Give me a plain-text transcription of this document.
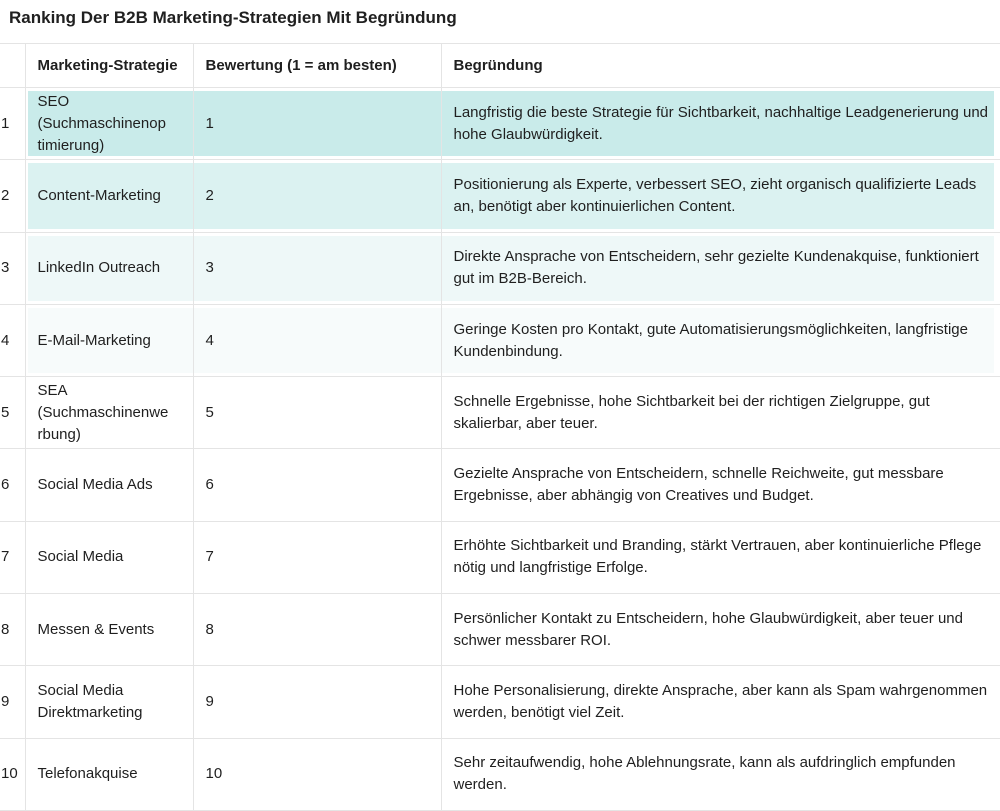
Ranking Der B2B Marketing-Strategien Mit Begründung
	Marketing-Strategie	Bewertung (1 = am besten)	Begründung
1	SEO (Suchmaschinenop timierung)	1	Langfristig die beste Strategie für Sichtbarkeit, nachhaltige Leadgenerierung und hohe Glaubwürdigkeit.
2	Content-Marketing	2	Positionierung als Experte, verbessert SEO, zieht organisch qualifizierte Leads an, benötigt aber kontinuierlichen Content.
3	LinkedIn Outreach	3	Direkte Ansprache von Entscheidern, sehr gezielte Kundenakquise, funktioniert gut im B2B-Bereich.
4	E-Mail-Marketing	4	Geringe Kosten pro Kontakt, gute Automatisierungsmöglichkeiten, langfristige Kundenbindung.
5	SEA (Suchmaschinenwe rbung)	5	Schnelle Ergebnisse, hohe Sichtbarkeit bei der richtigen Zielgruppe, gut skalierbar, aber teuer.
6	Social Media Ads	6	Gezielte Ansprache von Entscheidern, schnelle Reichweite, gut messbare Ergebnisse, aber abhängig von Creatives und Budget.
7	Social Media	7	Erhöhte Sichtbarkeit und Branding, stärkt Vertrauen, aber kontinuierliche Pflege nötig und langfristige Erfolge.
8	Messen & Events	8	Persönlicher Kontakt zu Entscheidern, hohe Glaubwürdigkeit, aber teuer und schwer messbarer ROI.
9	Social Media Direktmarketing	9	Hohe Personalisierung, direkte Ansprache, aber kann als Spam wahrgenommen werden, benötigt viel Zeit.
10	Telefonakquise	10	Sehr zeitaufwendig, hohe Ablehnungsrate, kann als aufdringlich empfunden werden.
